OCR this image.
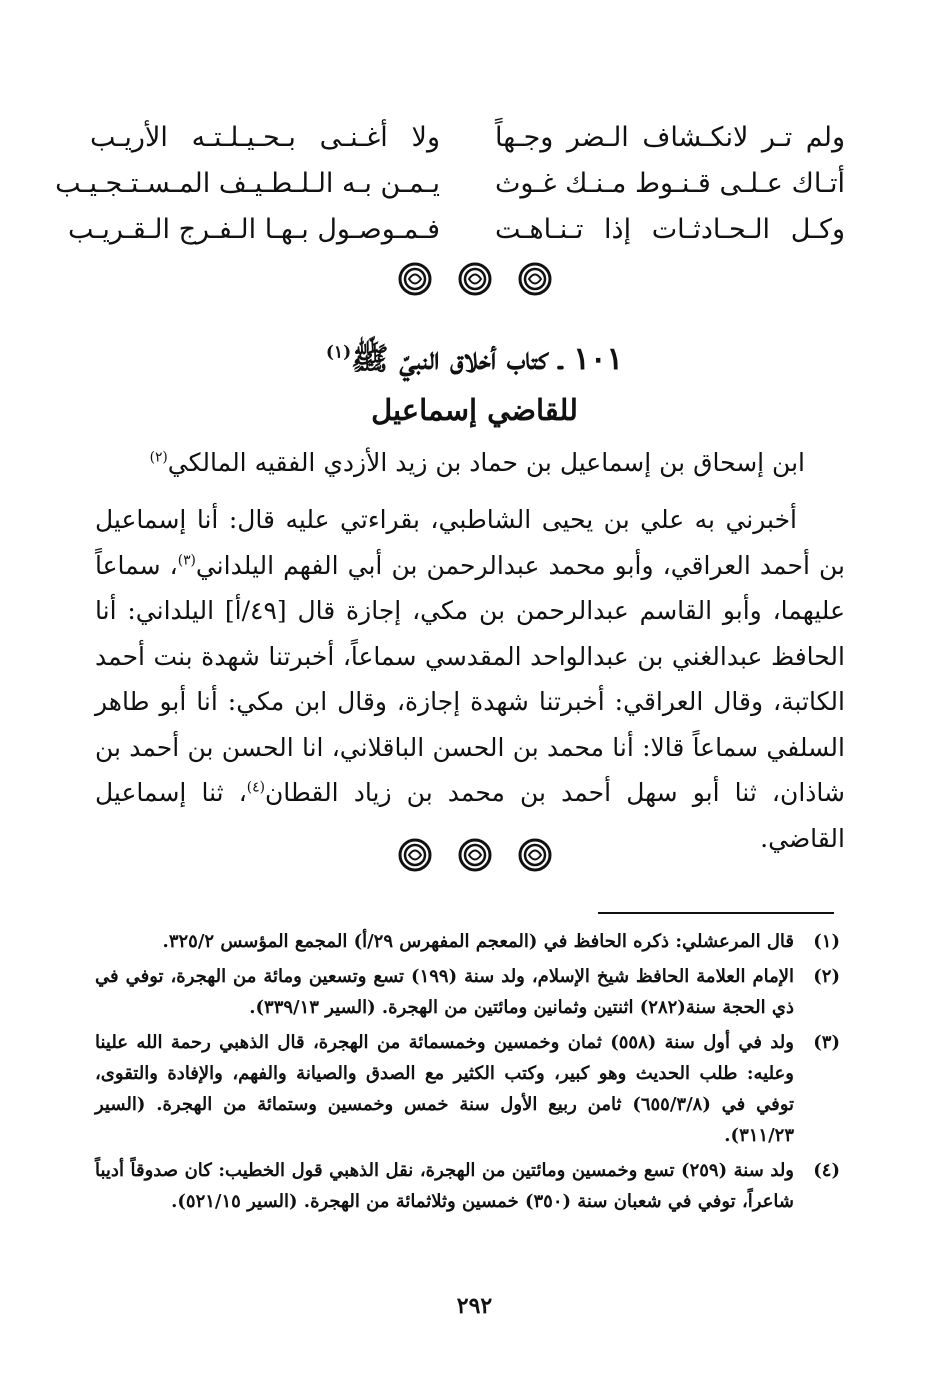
ولم تـر لانكـشاف الـضر وجـهاً
ولا أغـنـى بـحـيـلـتـه الأريـب
أتـاك عـلـى قـنـوط مـنـك غـوث
يـمـن بـه الـلـطـيـف المـسـتـجـيـب
وكـل الـحـادثـات إذا تـنـاهـت
فـمـوصـول بـهـا الـفـرج الـقـريـب
١٠١ ـ كتاب أخلاق النبيّ ﷺ$^{(١)}$
للقاضي إسماعيل
ابن إسحاق بن إسماعيل بن حماد بن زيد الأزدي الفقيه المالكي$^{(٢)}$
أخبرني به علي بن يحيى الشاطبي، بقراءتي عليه قال: أنا إسماعيل بن أحمد العراقي، وأبو محمد عبدالرحمن بن أبي الفهم اليلداني$^{(٣)}$، سماعاً عليهما، وأبو القاسم عبدالرحمن بن مكي، إجازة قال [٤٩/أ] اليلداني: أنا الحافظ عبدالغني بن عبدالواحد المقدسي سماعاً، أخبرتنا شهدة بنت أحمد الكاتبة، وقال العراقي: أخبرتنا شهدة إجازة، وقال ابن مكي: أنا أبو طاهر السلفي سماعاً قالا: أنا محمد بن الحسن الباقلاني، انا الحسن بن أحمد بن شاذان، ثنا أبو سهل أحمد بن محمد بن زياد القطان$^{(٤)}$، ثنا إسماعيل القاضي.
(١)
قال المرعشلي: ذكره الحافظ في (المعجم المفهرس ٢٩/أ) المجمع المؤسس ٣٢٥/٢.
(٢)
الإمام العلامة الحافظ شيخ الإسلام، ولد سنة (١٩٩) تسع وتسعين ومائة من الهجرة، توفي في ذي الحجة سنة(٢٨٢) اثنتين وثمانين ومائتين من الهجرة. (السير ٣٣٩/١٣).
(٣)
ولد في أول سنة (٥٥٨) ثمان وخمسين وخمسمائة من الهجرة، قال الذهبي رحمة الله علينا وعليه: طلب الحديث وهو كبير، وكتب الكثير مع الصدق والصيانة والفهم، والإفادة والتقوى، توفي في (٦٥٥/٣/٨) ثامن ربيع الأول سنة خمس وخمسين وستمائة من الهجرة. (السير ٣١١/٢٣).
(٤)
ولد سنة (٢٥٩) تسع وخمسين ومائتين من الهجرة، نقل الذهبي قول الخطيب: كان صدوقاً أديباً شاعراً، توفي في شعبان سنة (٣٥٠) خمسين وثلاثمائة من الهجرة. (السير ٥٢١/١٥).
٢٩٢
